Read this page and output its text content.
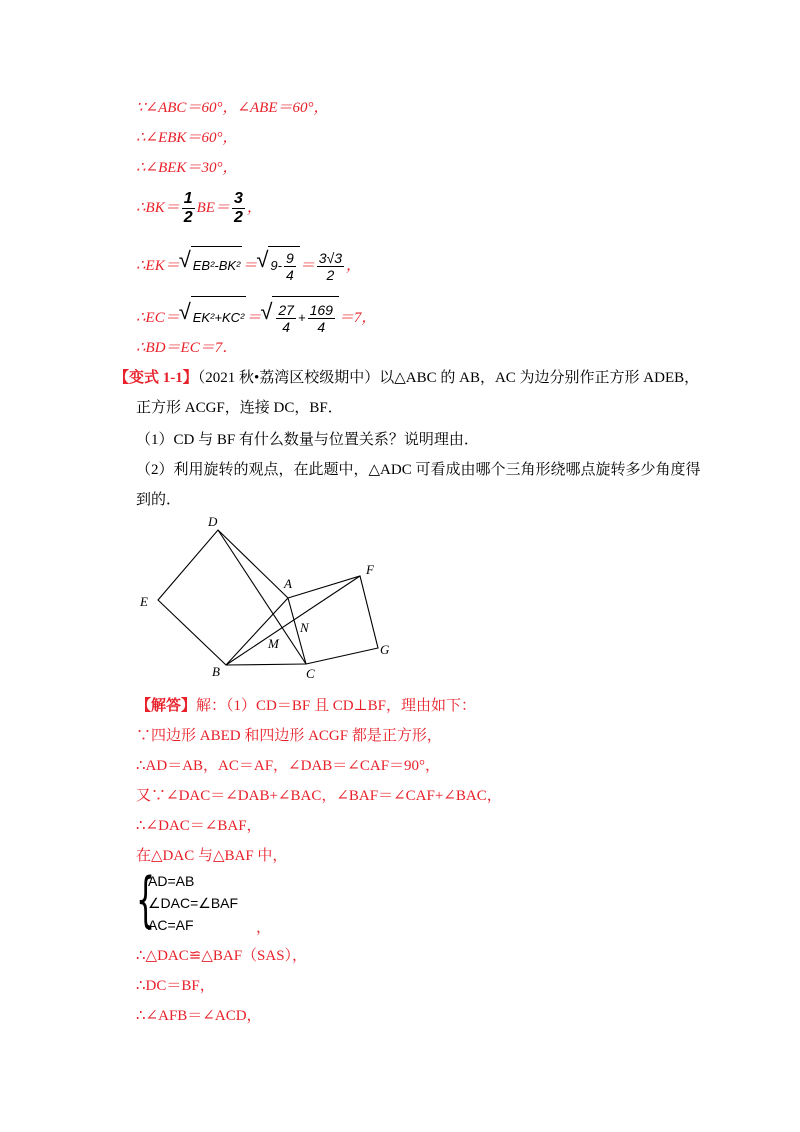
∵∠ABC＝60°，∠ABE＝60°，
∴∠EBK＝60°，
∴∠BEK＝30°，
∴BK＝ $\frac{1}{2} BE= \frac{3}{2}$ ，
∴EK＝ √ EB²-BK² ＝ √ $9- \frac{9}{4} = \frac{3√3}{2}$ ，
∴EC＝ √ EK²+KC² ＝ √ $\frac{27}{4} + \frac{169}{4} =7$，
∴BD＝EC＝7．
【变式 1-1】（2021 秋•荔湾区校级期中）以△ABC 的 AB，AC 为边分别作正方形 ADEB，
正方形 ACGF，连接 DC，BF．
（1）CD 与 BF 有什么数量与位置关系？说明理由．
（2）利用旋转的观点，在此题中，△ADC 可看成由哪个三角形绕哪点旋转多少角度得
到的．
D
A
F
E
N
M
B	C
G
【解答】解：（1）CD＝BF 且 CD⊥BF，理由如下：
∵四边形 ABED 和四边形 ACGF 都是正方形，
∴AD＝AB，AC＝AF，∠DAB＝∠CAF＝90°，
又∵∠DAC＝∠DAB+∠BAC，∠BAF＝∠CAF+∠BAC，
∴∠DAC＝∠BAF，
在△DAC 与△BAF 中，
{
AD=AB
∠DAC=∠BAF
AC=AF	，
∴△DAC≌△BAF（SAS），
∴DC＝BF，
∴∠AFB＝∠ACD，
